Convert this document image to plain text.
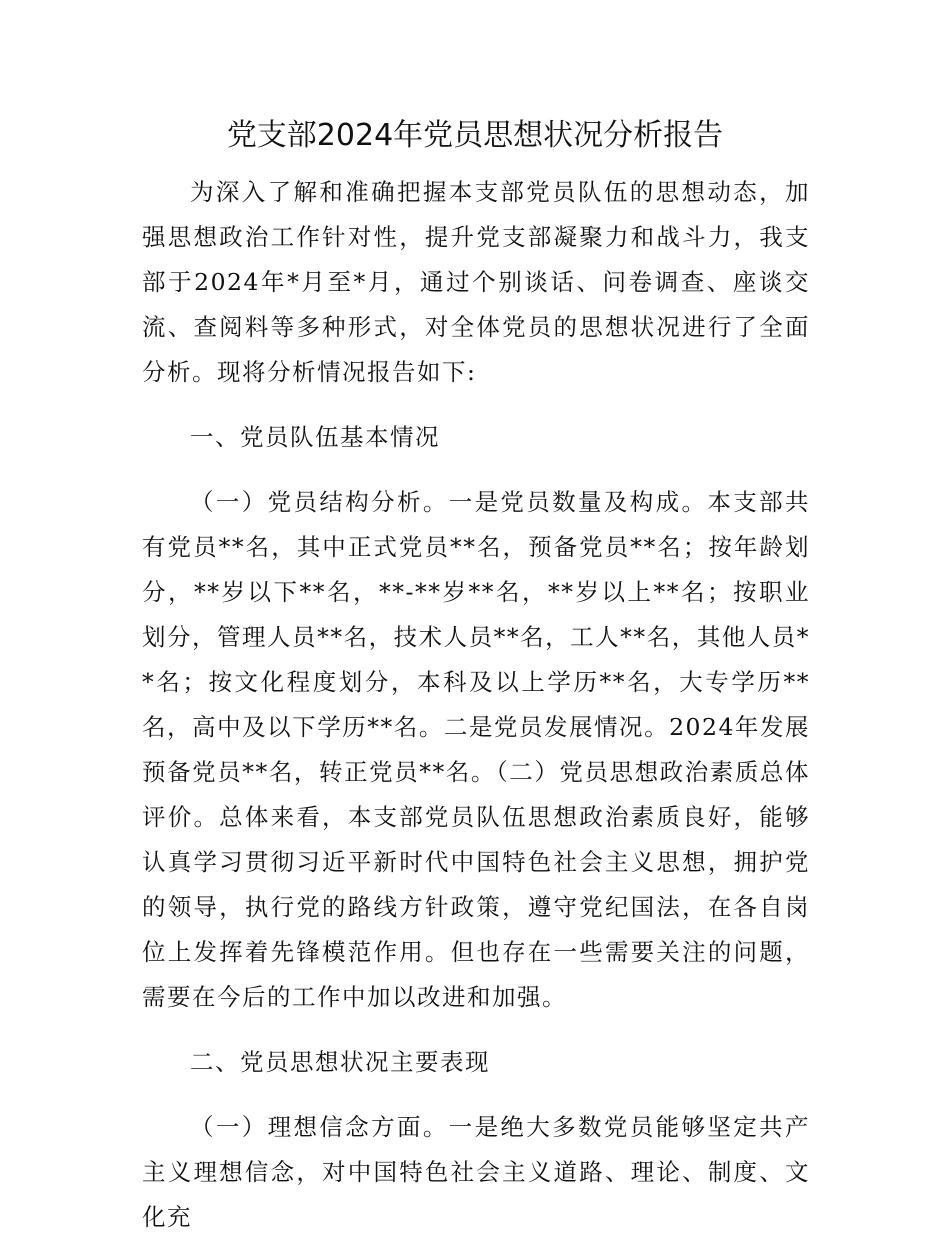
党支部2024年党员思想状况分析报告

为深入了解和准确把握本支部党员队伍的思想动态，加强思想政治工作针对性，提升党支部凝聚力和战斗力，我支部于2024年*月至*月，通过个别谈话、问卷调查、座谈交流、查阅料等多种形式，对全体党员的思想状况进行了全面分析。现将分析情况报告如下:

一、党员队伍基本情况

（一）党员结构分析。一是党员数量及构成。本支部共有党员**名，其中正式党员**名，预备党员**名；按年龄划分，**岁以下**名，**-**岁**名，**岁以上**名；按职业划分，管理人员**名，技术人员**名，工人**名，其他人员**名；按文化程度划分，本科及以上学历**名，大专学历**名，高中及以下学历**名。二是党员发展情况。2024年发展预备党员**名，转正党员**名。（二）党员思想政治素质总体评价。总体来看，本支部党员队伍思想政治素质良好，能够认真学习贯彻习近平新时代中国特色社会主义思想，拥护党的领导，执行党的路线方针政策，遵守党纪国法，在各自岗位上发挥着先锋模范作用。但也存在一些需要关注的问题，需要在今后的工作中加以改进和加强。

二、党员思想状况主要表现

（一）理想信念方面。一是绝大多数党员能够坚定共产主义理想信念，对中国特色社会主义道路、理论、制度、文化充
